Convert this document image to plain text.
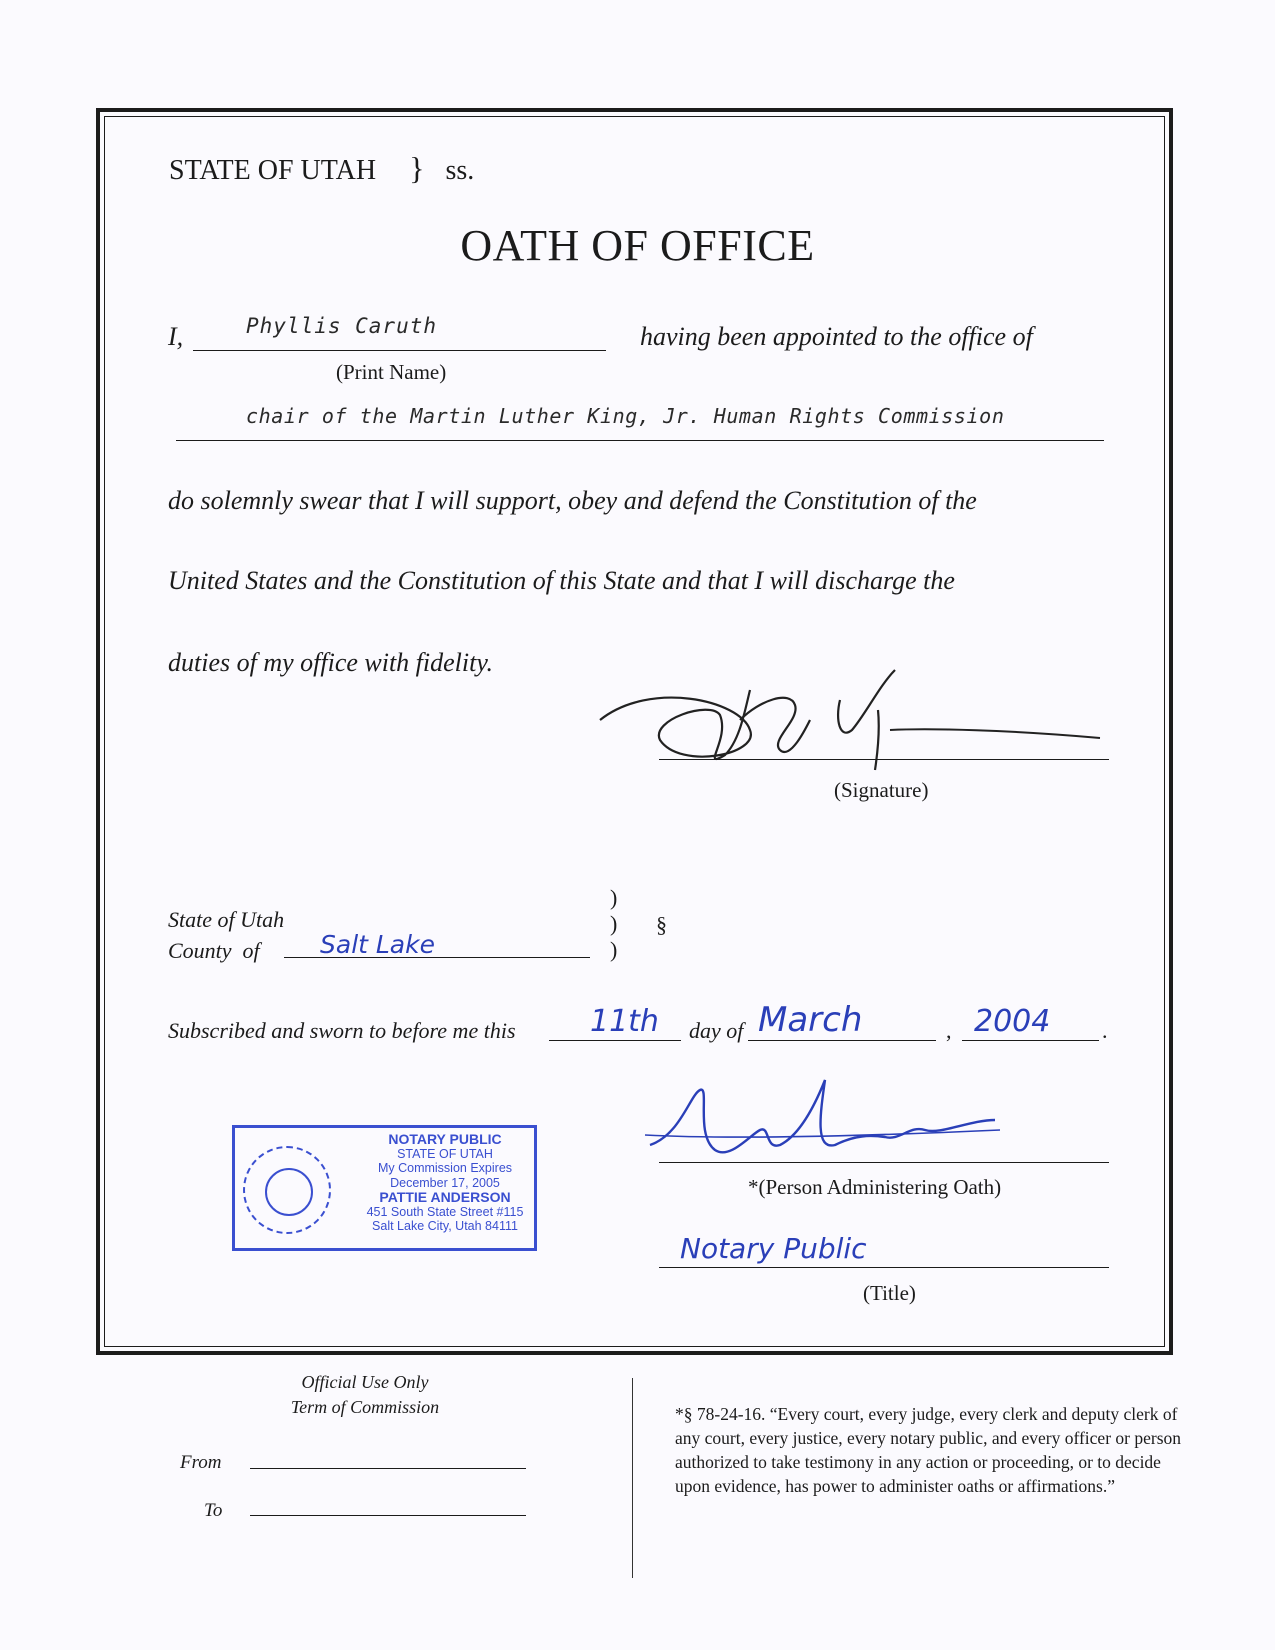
STATE OF UTAH } ss.
OATH OF OFFICE
I,	Phyllis Caruth	having been appointed to the office of
(Print Name)
chair of the Martin Luther King, Jr. Human Rights Commission
do solemnly swear that I will support, obey and defend the Constitution of the
United States and the Constitution of this State and that I will discharge the
duties of my office with fidelity.
(Signature)
State of Utah
County  of Salt Lake
)
)
)
§
Subscribed and sworn to before me this 11th day of March	, 2004 .
NOTARY PUBLIC
STATE OF UTAH
My Commission Expires
December 17, 2005
PATTIE ANDERSON
451 South State Street #115
Salt Lake City, Utah 84111
*(Person Administering Oath)
Notary Public
(Title)
Official Use Only
Term of Commission
From
To
*§ 78-24-16. “Every court, every judge, every clerk and deputy clerk of any court, every justice, every notary public, and every officer or person authorized to take testimony in any action or proceeding, or to decide upon evidence, has power to administer oaths or affirmations.”
